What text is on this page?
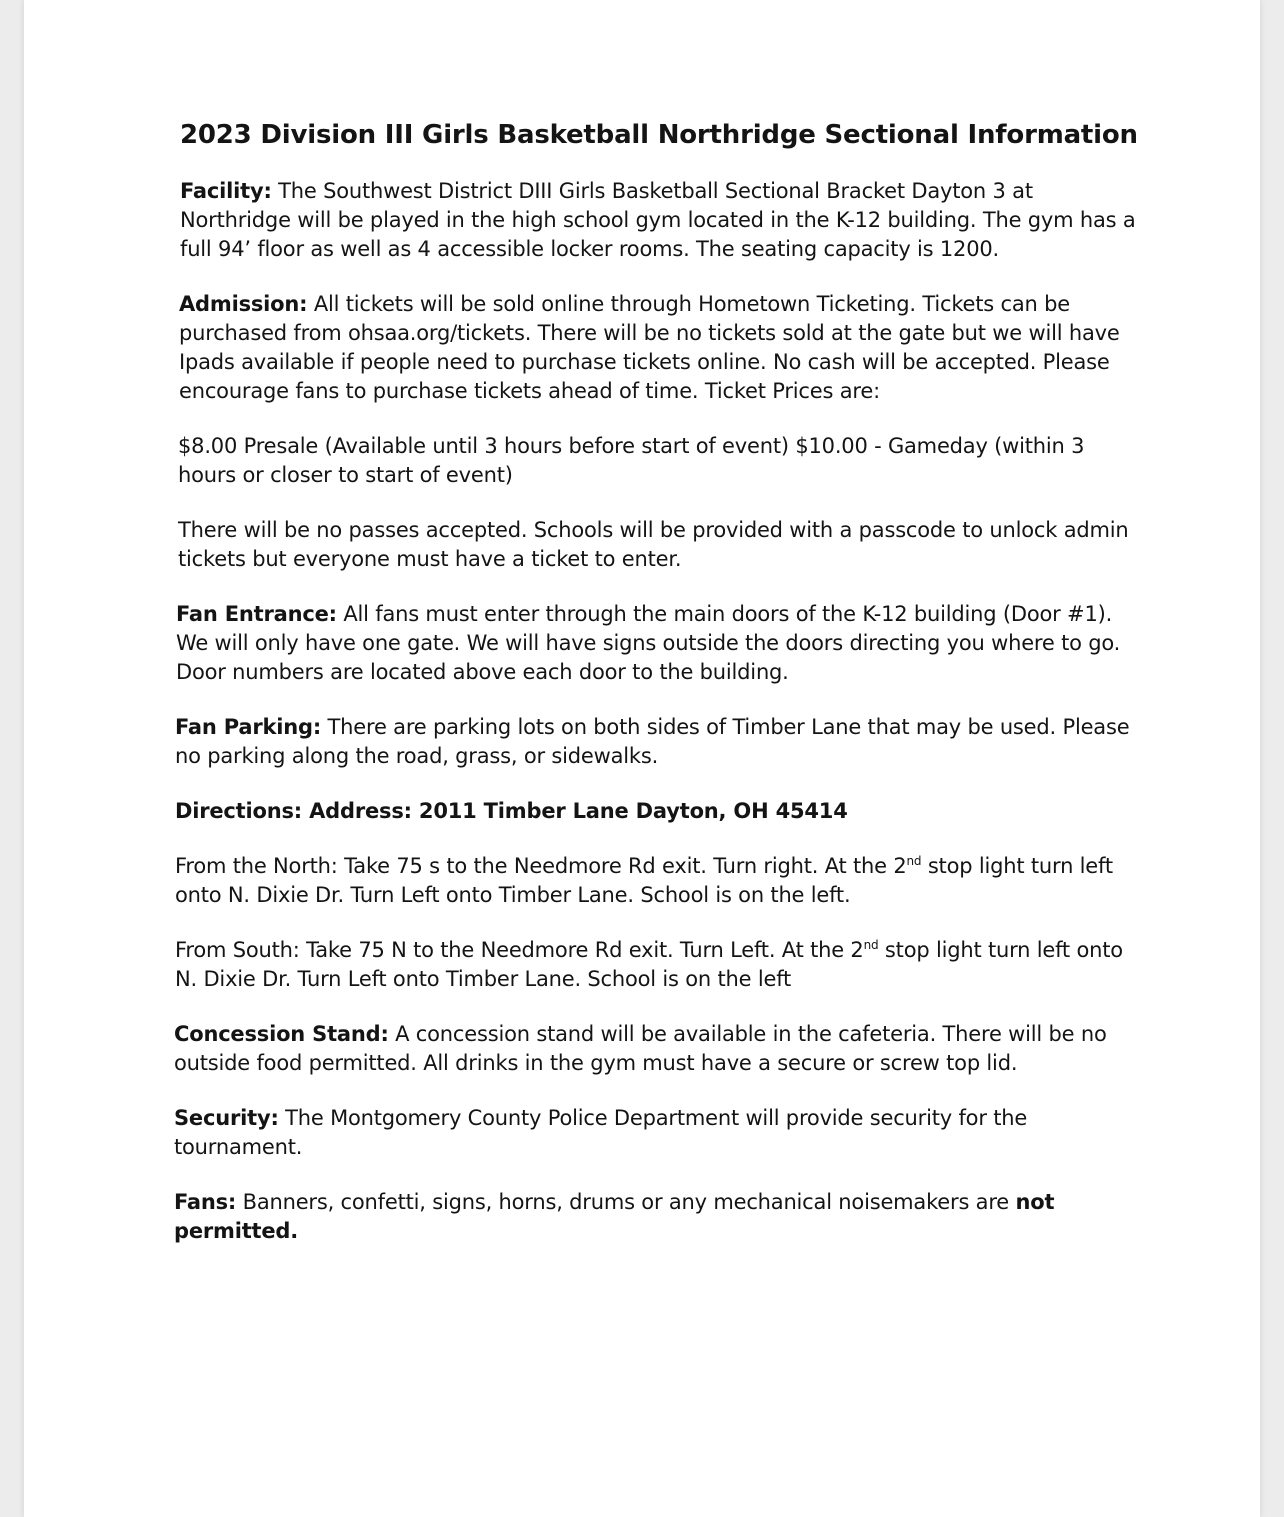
2023 Division III Girls Basketball Northridge Sectional Information

Facility: The Southwest District DIII Girls Basketball Sectional Bracket Dayton 3 at Northridge will be played in the high school gym located in the K-12 building. The gym has a full 94’ floor as well as 4 accessible locker rooms. The seating capacity is 1200.

Admission: All tickets will be sold online through Hometown Ticketing. Tickets can be purchased from ohsaa.org/tickets. There will be no tickets sold at the gate but we will have Ipads available if people need to purchase tickets online. No cash will be accepted. Please encourage fans to purchase tickets ahead of time. Ticket Prices are:

$8.00 Presale (Available until 3 hours before start of event) $10.00 - Gameday (within 3 hours or closer to start of event)

There will be no passes accepted. Schools will be provided with a passcode to unlock admin tickets but everyone must have a ticket to enter.

Fan Entrance: All fans must enter through the main doors of the K-12 building (Door #1). We will only have one gate. We will have signs outside the doors directing you where to go. Door numbers are located above each door to the building.

Fan Parking: There are parking lots on both sides of Timber Lane that may be used. Please no parking along the road, grass, or sidewalks.

Directions: Address: 2011 Timber Lane Dayton, OH 45414

From the North: Take 75 s to the Needmore Rd exit. Turn right. At the 2nd stop light turn left onto N. Dixie Dr. Turn Left onto Timber Lane. School is on the left.

From South: Take 75 N to the Needmore Rd exit. Turn Left. At the 2nd stop light turn left onto N. Dixie Dr. Turn Left onto Timber Lane. School is on the left

Concession Stand: A concession stand will be available in the cafeteria. There will be no outside food permitted. All drinks in the gym must have a secure or screw top lid.

Security: The Montgomery County Police Department will provide security for the tournament.

Fans: Banners, confetti, signs, horns, drums or any mechanical noisemakers are not permitted.
